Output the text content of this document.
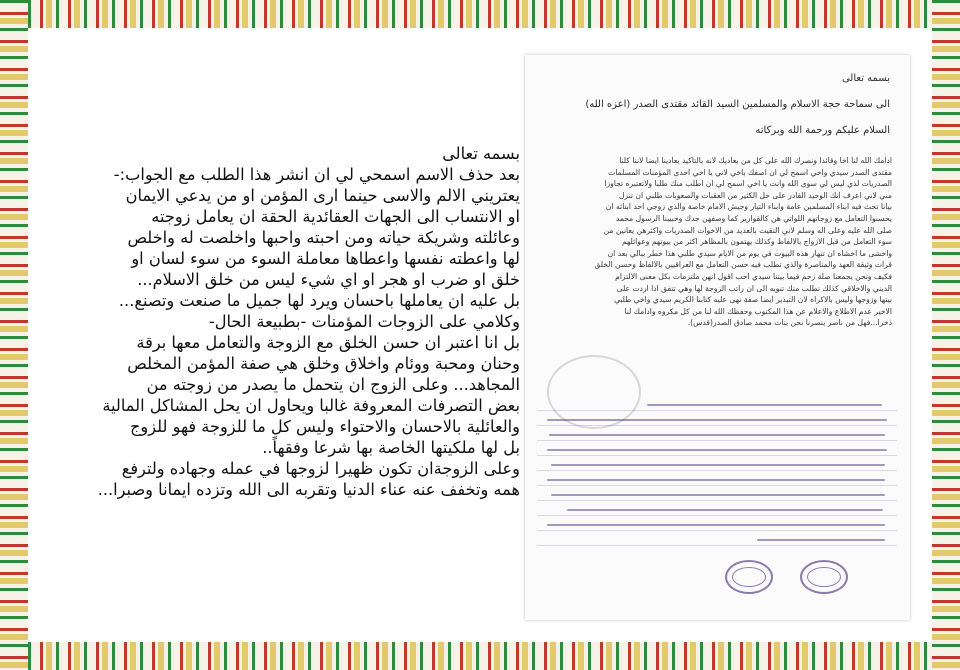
بسمه تعالى

بعد حذف الاسم اسمحي لي ان انشر هذا الطلب مع الجواب:-

يعتريني الالم والاسى حينما ارى المؤمن او من يدعي الايمان

او الانتساب الى الجهات العقائدية الحقة ان يعامل زوجته

وعائلته وشريكة حياته ومن احبته واحبها واخلصت له واخلص

لها واعطته نفسها واعطاها معاملة السوء من سوء لسان او

خلق او ضرب او هجر او اي شيء ليس من خلق الاسلام...

بل عليه ان يعاملها باحسان ويرد لها جميل ما صنعت وتصنع...

وكلامي على الزوجات المؤمنات -بطبيعة الحال-

بل انا اعتبر ان حسن الخلق مع الزوجة والتعامل معها برقة

وحنان ومحبة ووئام واخلاق وخلق هي صفة المؤمن المخلص

المجاهد... وعلى الزوج ان يتحمل ما يصدر من زوجته من

بعض التصرفات المعروفة غالبا ويحاول ان يحل المشاكل المالية

والعائلية بالاحسان والاحتواء وليس كل ما للزوجة فهو للزوج

بل لها ملكيتها الخاصة بها شرعا وفقهاً..

وعلى الزوجةان تكون ظهيرا لزوجها في عمله وجهاده ولترفع

همه وتخفف عنه عناء الدنيا وتقربه الى الله وتزده ايمانا وصبرا...

بسمه تعالى
الى سماحة حجة الاسلام والمسلمين السيد القائد مقتدى الصدر (اعزه الله)
السلام عليكم ورحمة الله وبركاته

ادامك الله لنا اخا وقائدا ونصرك الله على كل من يعاديك لانه بالتاكيد يعادينا ايضا لاننا كلنا

مقتدى الصدر سيدي واخي اسمح لي ان اصفك باخي لاني يا اخي احدى المؤمنات المسلمات

الصدريات لذي ليس لي سوى الله وانت يا اخي اسمح لي ان اطلب منك طلبا ولاتعتبره تجاوزا

مني لاني اعرف انك الوحيد القادر على حل الكثير من العقبات والصعوبات طلبي ان تنزل

بيانا تحث فيه ابناء المسلمين عامة وابناء التيار وجيش الامام خاصة والذي زوجي احد ابنائه ان

يحسنوا التعامل مع زوجاتهم اللواتي هن كالقوارير كما وصفهن جدك وحبيبنا الرسول محمد

صلى الله عليه وعلى اله وسلم لاني التقيت بالعديد من الاخوات الصدريات واكثرهن يعانين من

سوء التعامل من قبل الازواج بالالفاظ وكذلك يهتمون بالمظاهر اكثر من بيوتهم وعوائلهم

واخشى ما اخشاه ان تنهار هذه البيوت في يوم من الايام سيدي طلبي هذا خطر ببالي بعد ان

قرات وثيقة العهد والمناصرة والذي تطلب فيه حسن التعامل مع العراقيين بالالفاظ وحسن الخلق

فكيف ونحن يجمعنا صلة رحم فيما بيننا سيدي احب اقول انهن ملتزمات بكل معنى الالتزام

الديني والاخلاقي كذلك نطلب منك تنويه الى ان راتب الزوجة لها وهي تتفق اذا اردت على

بيتها وزوجها وليس بالاكراه لان التبذير ايضا صفة نهى عليه كتابنا الكريم سيدي واخي طلبي

الاخير عدم الاطلاع والاعلام عن هذا المكتوب وحفظك الله لنا من كل مكروه وادامك لنا

ذخرا...فهل من ناصر ينصرنا نحن بنات محمد صادق الصدر(قدس).
